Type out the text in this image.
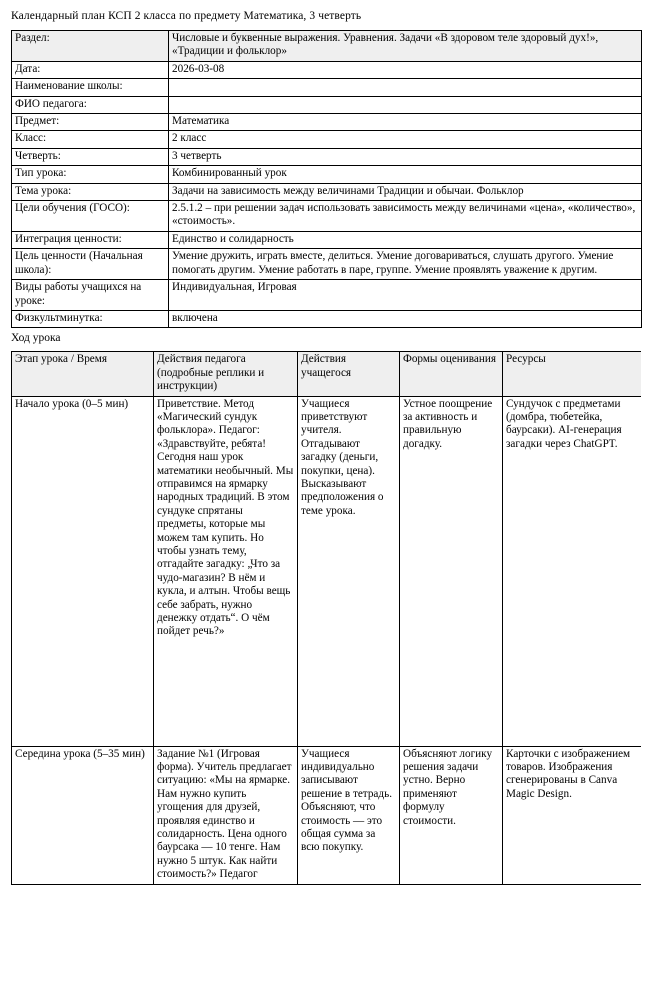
Календарный план КСП 2 класса по предмету Математика, 3 четверть
Раздел:	Числовые и буквенные выражения. Уравнения. Задачи «В здоровом теле здоровый дух!», «Традиции и фольклор»
Дата:	2026-03-08
Наименование школы:	
ФИО педагога:	
Предмет:	Математика
Класс:	2 класс
Четверть:	3 четверть
Тип урока:	Комбинированный урок
Тема урока:	Задачи на зависимость между величинами Традиции и обычаи. Фольклор
Цели обучения (ГОСО):	2.5.1.2 – при решении задач использовать зависимость между величинами «цена», «количество», «стоимость».
Интеграция ценности:	Единство и солидарность
Цель ценности (Начальная школа):	Умение дружить, играть вместе, делиться. Умение договариваться, слушать другого. Умение помогать другим. Умение работать в паре, группе. Умение проявлять уважение к другим.
Виды работы учащихся на уроке:	Индивидуальная, Игровая
Физкультминутка:	включена
Ход урока
Этап урока / Время	Действия педагога (подробные реплики и инструкции)	Действия учащегося	Формы оценивания	Ресурсы
Начало урока (0–5 мин)	Приветствие. Метод «Магический сундук фольклора». Педагог: «Здравствуйте, ребята! Сегодня наш урок математики необычный. Мы отправимся на ярмарку народных традиций. В этом сундуке спрятаны предметы, которые мы можем там купить. Но чтобы узнать тему, отгадайте загадку: „Что за чудо-магазин? В нём и кукла, и алтын. Чтобы вещь себе забрать, нужно денежку отдать“. О чём пойдет речь?»	Учащиеся приветствуют учителя. Отгадывают загадку (деньги, покупки, цена). Высказывают предположения о теме урока.	Устное поощрение за активность и правильную догадку.	Сундучок с предметами (домбра, тюбетейка, баурсаки). AI-генерация загадки через ChatGPT.
Середина урока (5–35 мин)	Задание №1 (Игровая форма). Учитель предлагает ситуацию: «Мы на ярмарке. Нам нужно купить угощения для друзей, проявляя единство и солидарность. Цена одного баурсака — 10 тенге. Нам нужно 5 штук. Как найти стоимость?» Педагог	Учащиеся индивидуально записывают решение в тетрадь. Объясняют, что стоимость — это общая сумма за всю покупку.	Объясняют логику решения задачи устно. Верно применяют формулу стоимости.	Карточки с изображением товаров. Изображения сгенерированы в Canva Magic Design.
